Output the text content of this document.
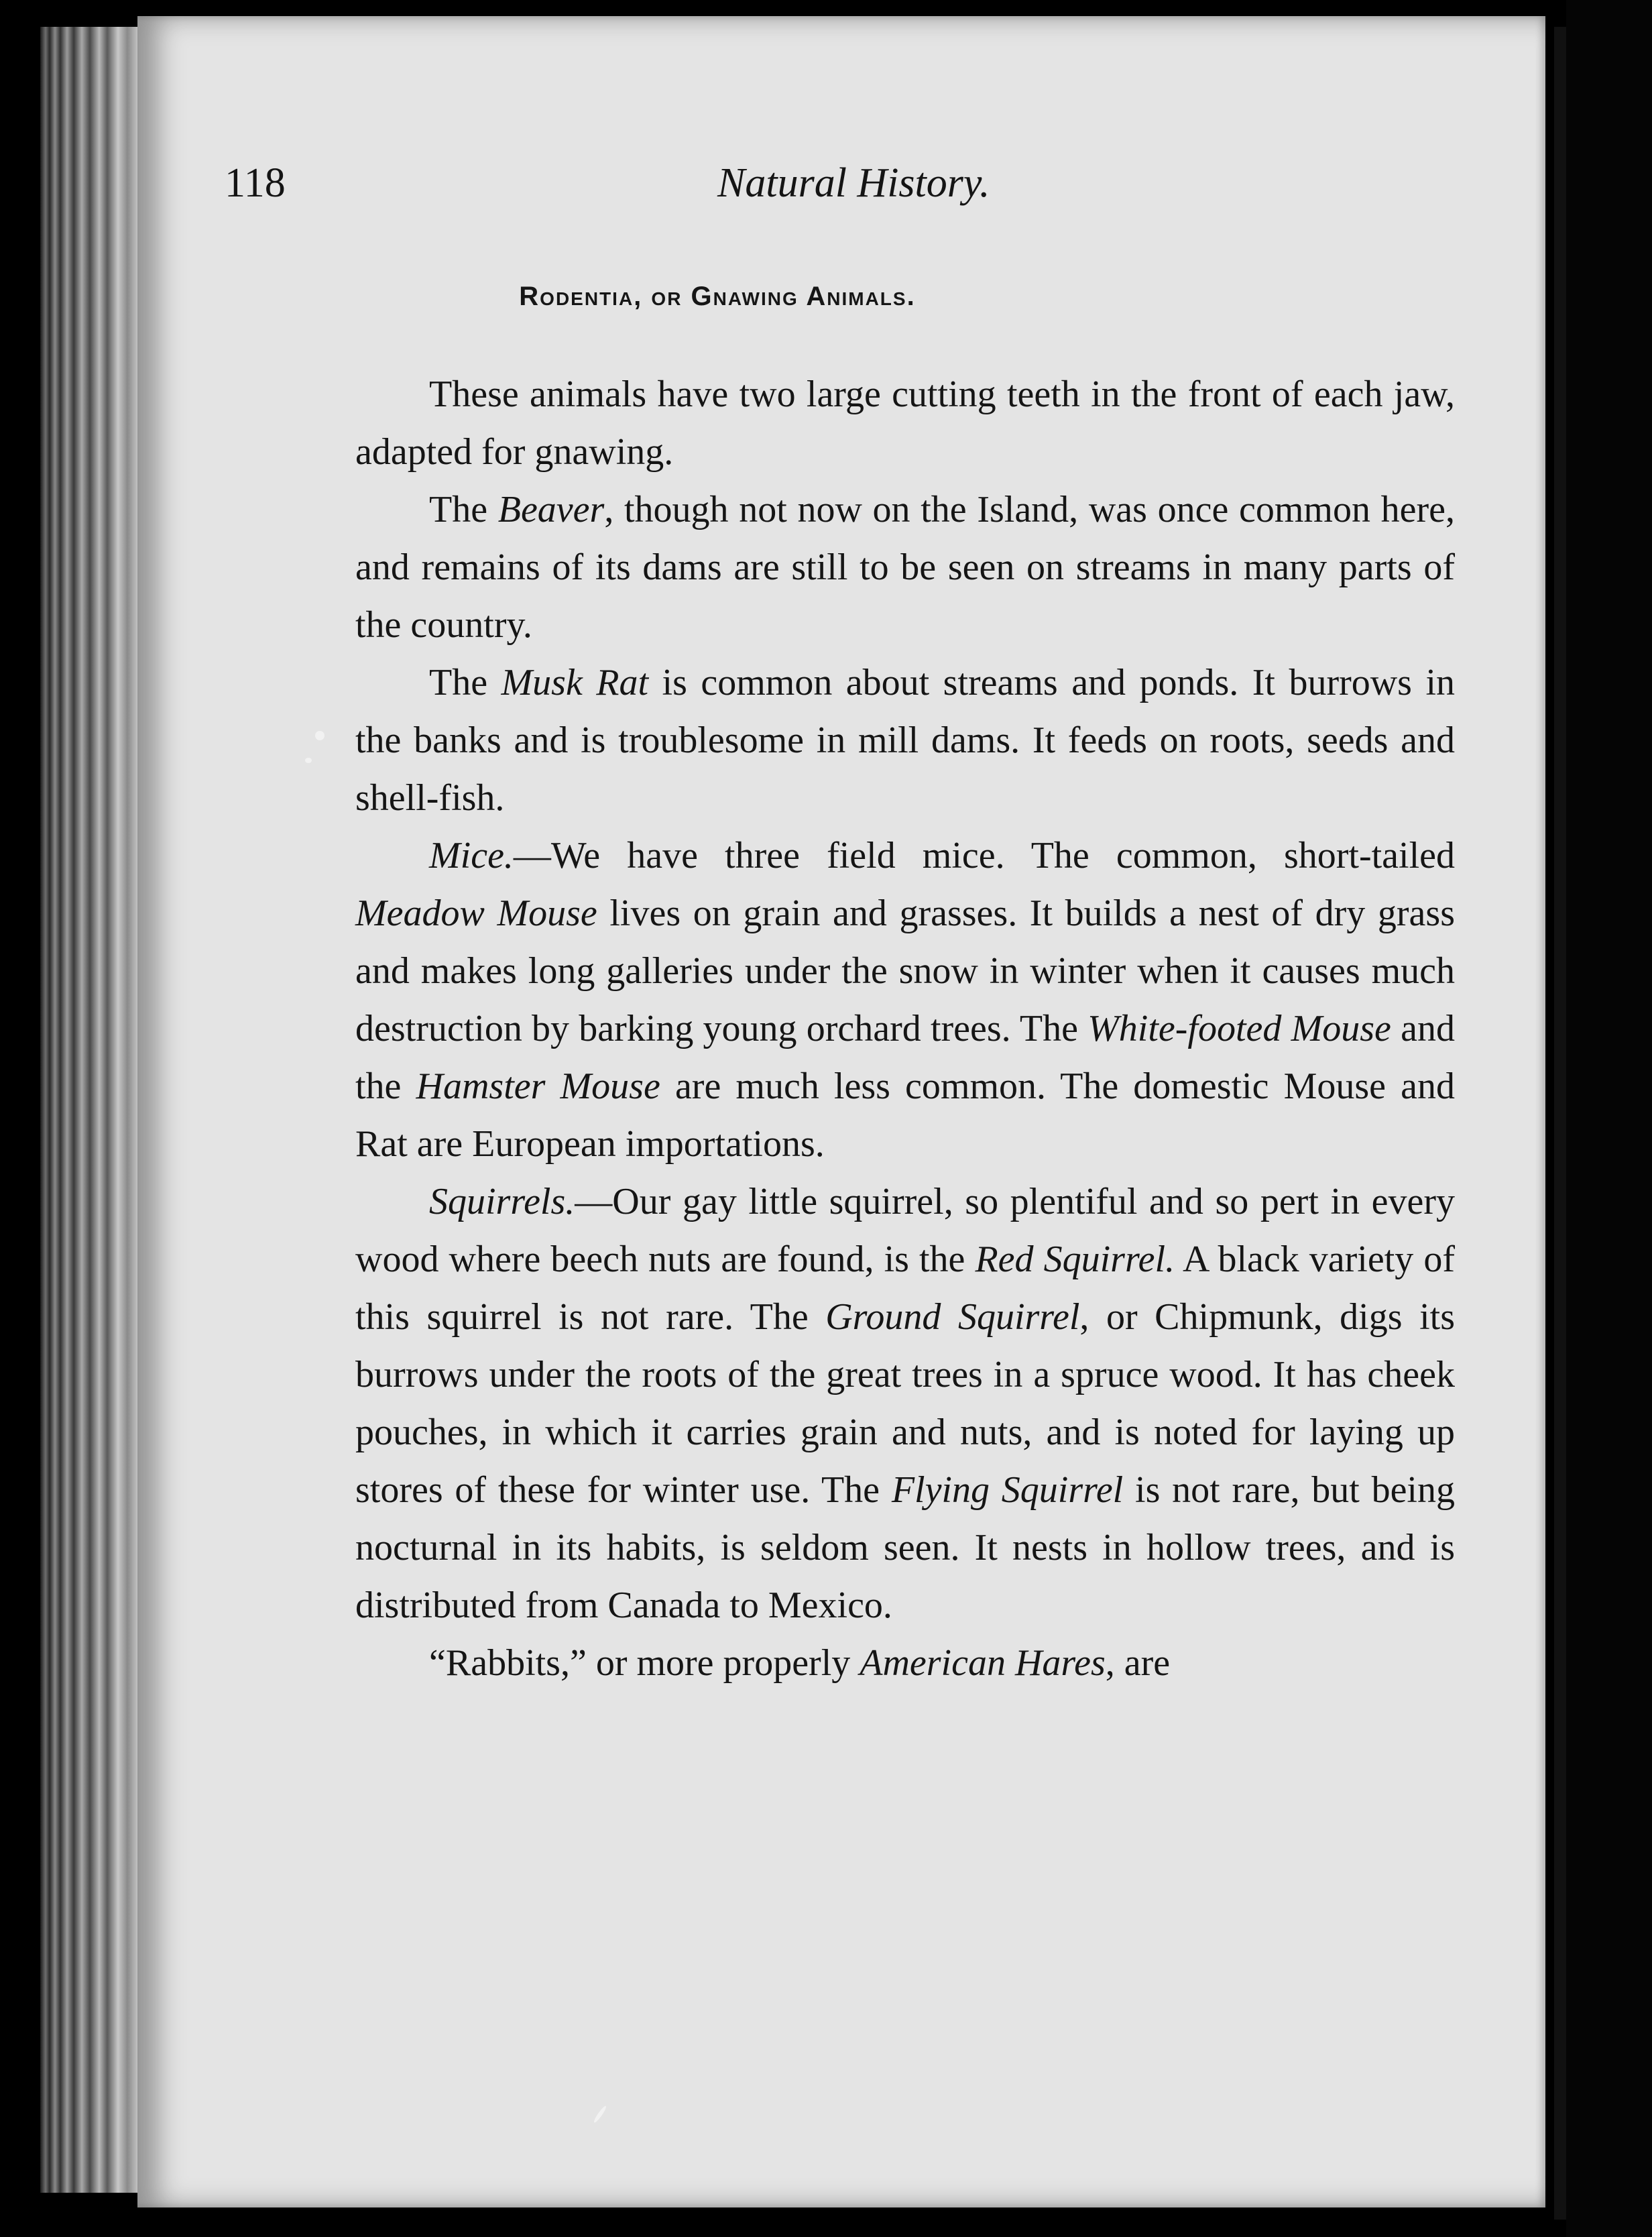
118	Natural History.
Rodentia, or Gnawing Animals.

These animals have two large cutting teeth in the front of each jaw, adapted for gnawing.

The Beaver, though not now on the Island, was once common here, and remains of its dams are still to be seen on streams in many parts of the country.

The Musk Rat is common about streams and ponds. It burrows in the banks and is troublesome in mill dams. It feeds on roots, seeds and shell-fish.

Mice.—We have three field mice. The common, short-tailed Meadow Mouse lives on grain and grasses. It builds a nest of dry grass and makes long galleries under the snow in winter when it causes much destruction by barking young orchard trees. The White-footed Mouse and the Hamster Mouse are much less common. The domestic Mouse and Rat are European importations.

Squirrels.—Our gay little squirrel, so plentiful and so pert in every wood where beech nuts are found, is the Red Squirrel. A black variety of this squirrel is not rare. The Ground Squirrel, or Chipmunk, digs its burrows under the roots of the great trees in a spruce wood. It has cheek pouches, in which it carries grain and nuts, and is noted for laying up stores of these for winter use. The Flying Squirrel is not rare, but being nocturnal in its habits, is seldom seen. It nests in hollow trees, and is distributed from Canada to Mexico.

“Rabbits,” or more properly American Hares, are
